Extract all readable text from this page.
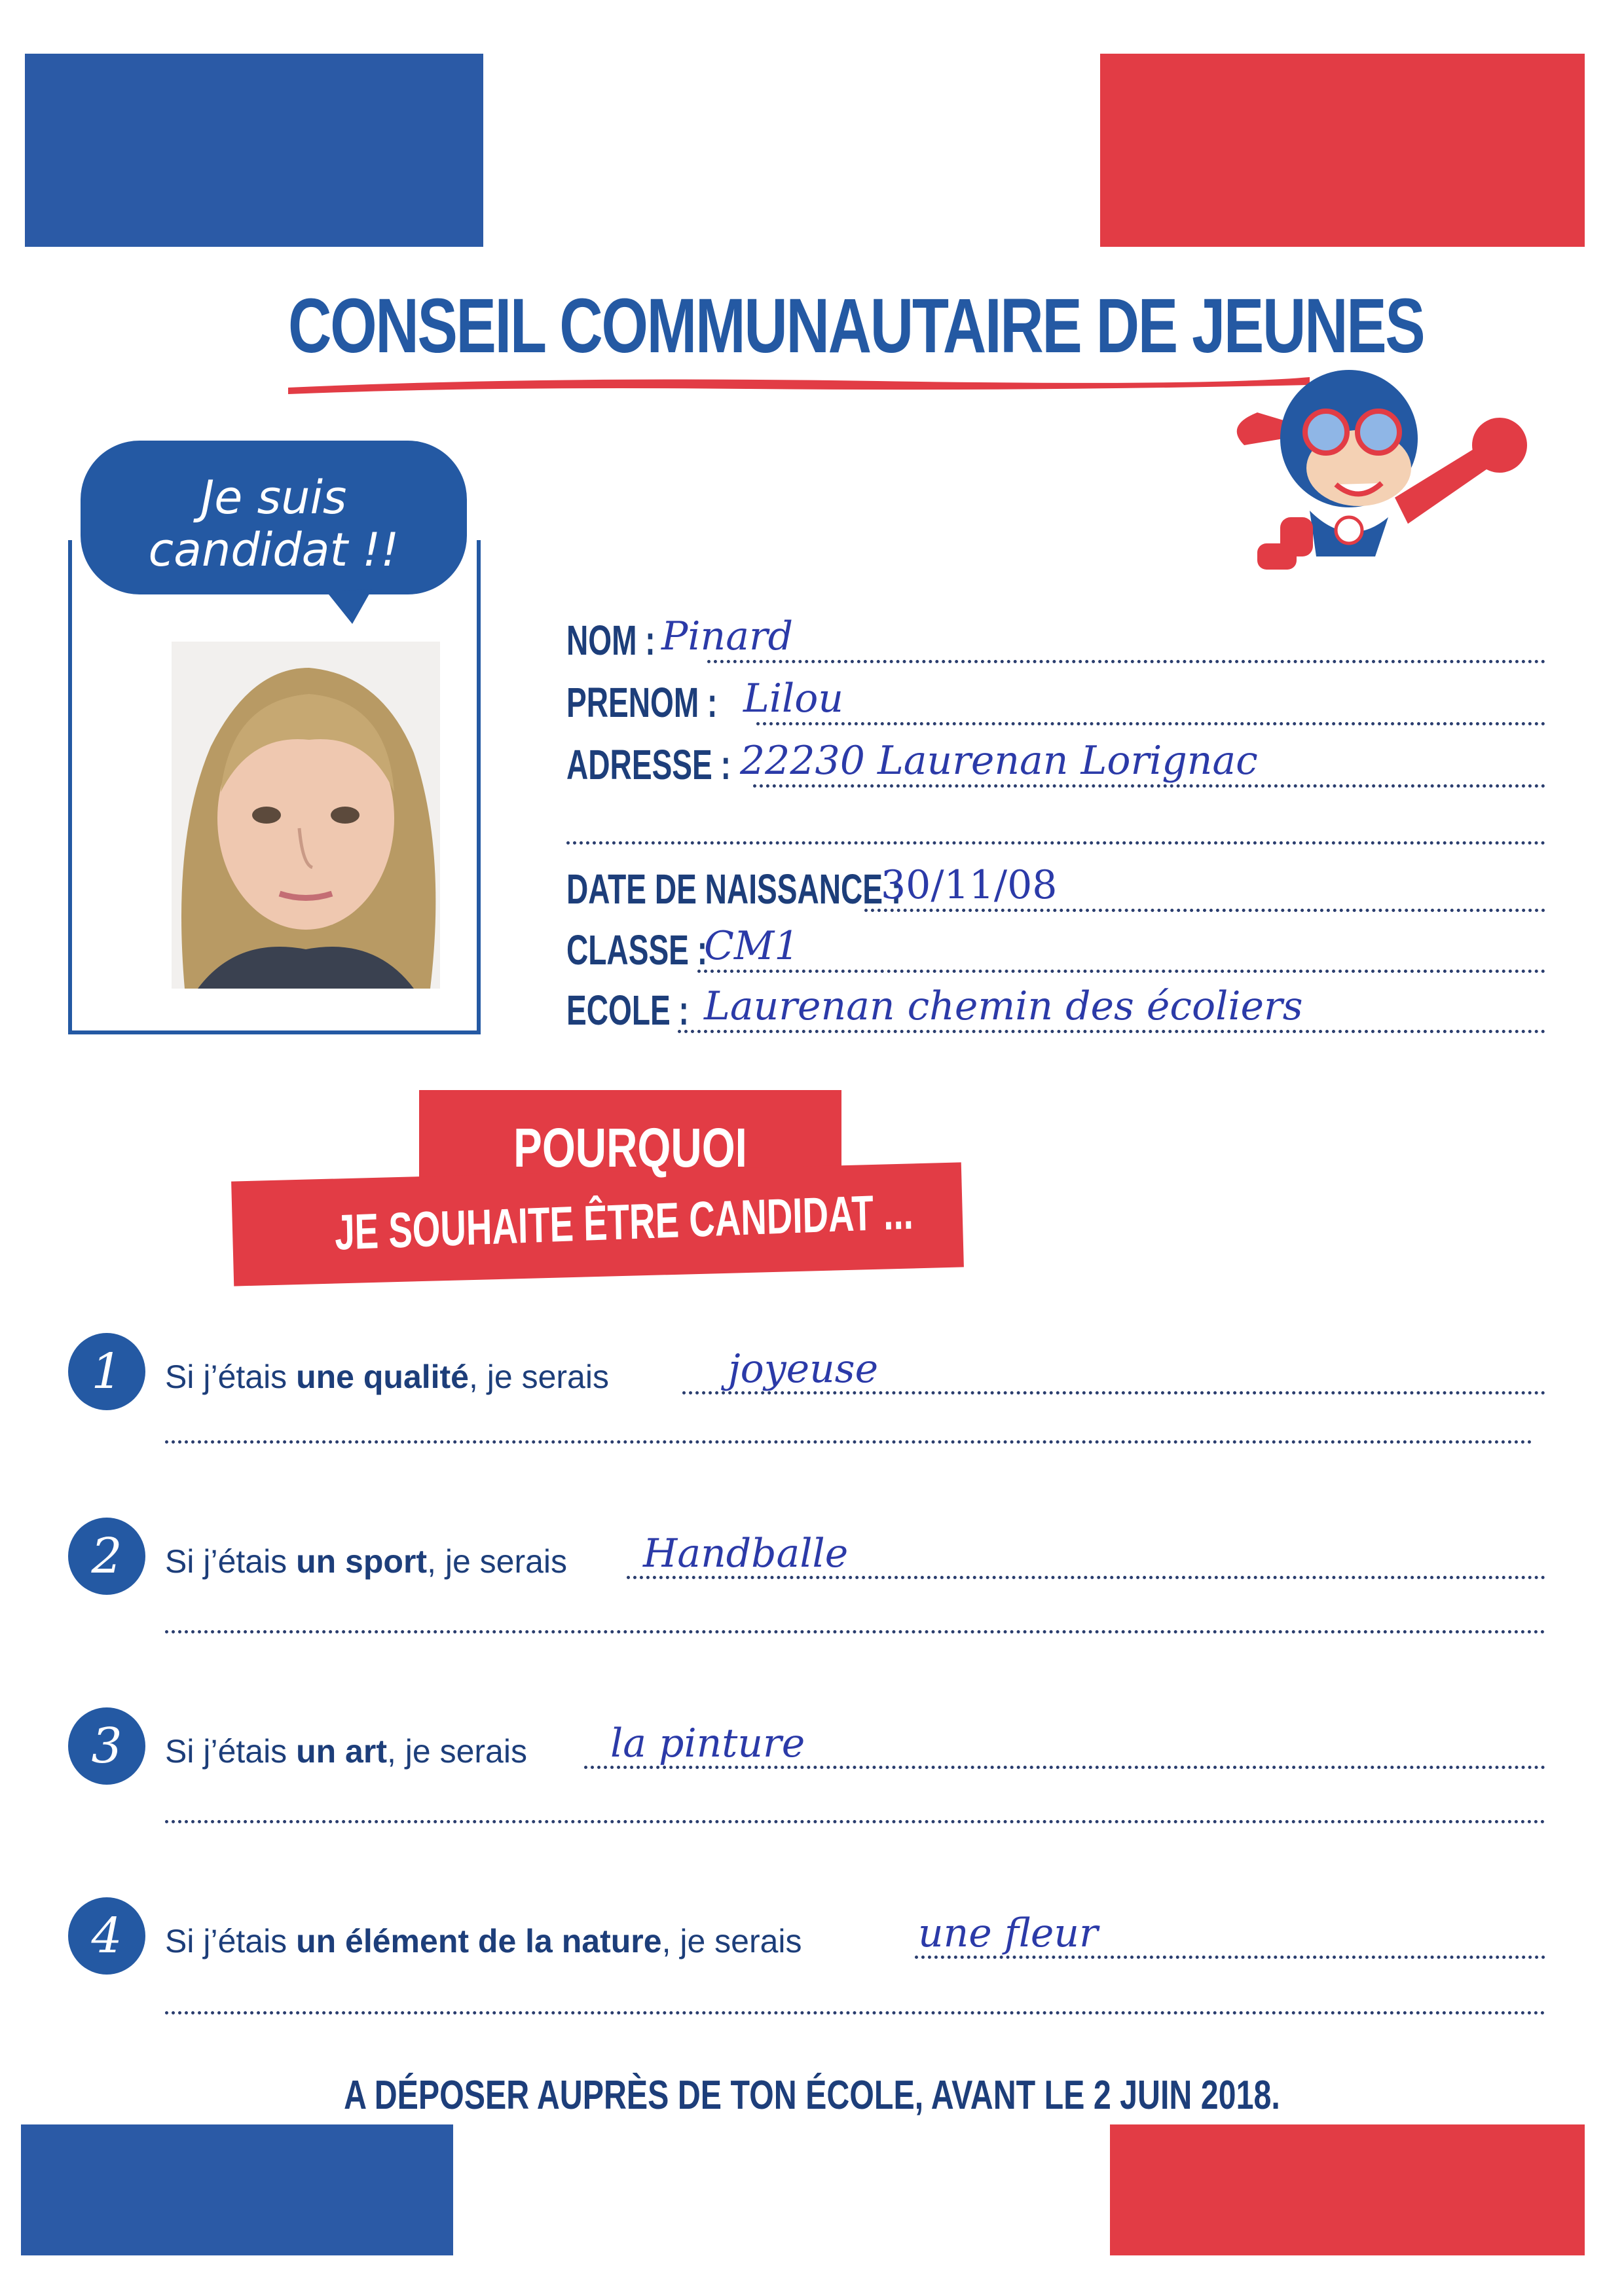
CONSEIL COMMUNAUTAIRE DE JEUNES
Je suis
candidat !!
NOM : Pinard
PRENOM : Lilou
ADRESSE : 22230 Laurenan Lorignac
DATE DE NAISSANCE :
30/11/08
CLASSE :
CM1
ECOLE : Laurenan chemin des écoliers
POURQUOI
JE SOUHAITE ÊTRE CANDIDAT ...
1	Si j’étais une qualité, je serais	joyeuse
2	Si j’étais un sport, je serais Handballe
3	Si j’étais un art, je serais la pinture
4	Si j’étais un élément de la nature, je serais	une fleur
A DÉPOSER AUPRÈS DE TON ÉCOLE, AVANT LE 2 JUIN 2018.
